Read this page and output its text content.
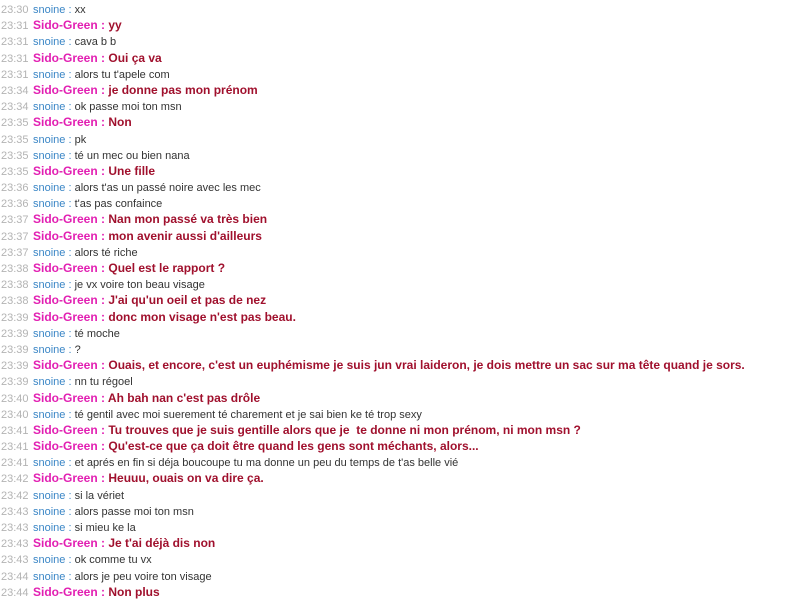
23:30 snoine : xx
23:31 Sido-Green : yy
23:31 snoine : cava b b
23:31 Sido-Green : Oui ça va
23:31 snoine : alors tu t'apele com
23:34 Sido-Green : je donne pas mon prénom
23:34 snoine : ok passe moi ton msn
23:35 Sido-Green : Non
23:35 snoine : pk
23:35 snoine : té un mec ou bien nana
23:35 Sido-Green : Une fille
23:36 snoine : alors t'as un passé noire avec les mec
23:36 snoine : t'as pas confaince
23:37 Sido-Green : Nan mon passé va très bien
23:37 Sido-Green : mon avenir aussi d'ailleurs
23:37 snoine : alors té riche
23:38 Sido-Green : Quel est le rapport ?
23:38 snoine : je vx voire ton beau visage
23:38 Sido-Green : J'ai qu'un oeil et pas de nez
23:39 Sido-Green : donc mon visage n'est pas beau.
23:39 snoine : té moche
23:39 snoine : ?
23:39 Sido-Green : Ouais, et encore, c'est un euphémisme je suis jun vrai laideron, je dois mettre un sac sur ma tête quand je sors.
23:39 snoine : nn tu régoel
23:40 Sido-Green : Ah bah nan c'est pas drôle
23:40 snoine : té gentil avec moi suerement té charement et je sai bien ke té trop sexy
23:41 Sido-Green : Tu trouves que je suis gentille alors que je  te donne ni mon prénom, ni mon msn ?
23:41 Sido-Green : Qu'est-ce que ça doit être quand les gens sont méchants, alors...
23:41 snoine : et aprés en fin si déja boucoupe tu ma donne un peu du temps de t'as belle vié
23:42 Sido-Green : Heuuu, ouais on va dire ça.
23:42 snoine : si la vériet
23:43 snoine : alors passe moi ton msn
23:43 snoine : si mieu ke la
23:43 Sido-Green : Je t'ai déjà dis non
23:43 snoine : ok comme tu vx
23:44 snoine : alors je peu voire ton visage
23:44 Sido-Green : Non plus
